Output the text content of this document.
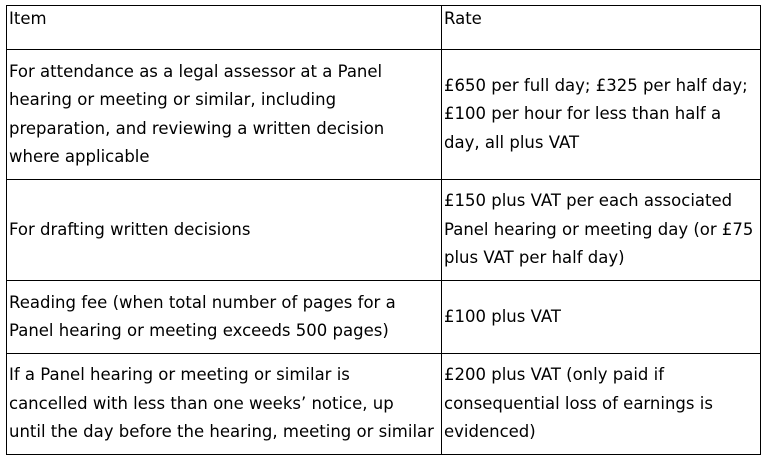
Item	Rate

For attendance as a legal assessor at a Panel
hearing or meeting or similar, including
preparation, and reviewing a written decision
where applicable	£650 per full day; £325 per half day;
£100 per hour for less than half a
day, all plus VAT

For drafting written decisions	£150 plus VAT per each associated
Panel hearing or meeting day (or £75
plus VAT per half day)

Reading fee (when total number of pages for a
Panel hearing or meeting exceeds 500 pages)	£100 plus VAT

If a Panel hearing or meeting or similar is
cancelled with less than one weeks’ notice, up
until the day before the hearing, meeting or similar	£200 plus VAT (only paid if
consequential loss of earnings is
evidenced)
